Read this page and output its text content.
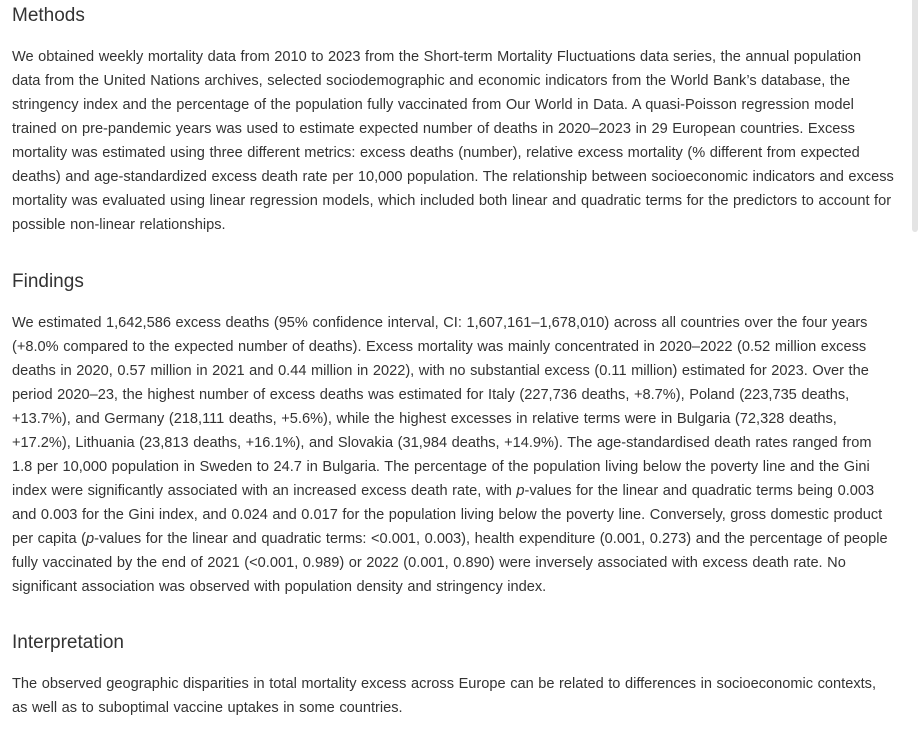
Methods

We obtained weekly mortality data from 2010 to 2023 from the Short-term Mortality Fluctuations data series, the annual population data from the United Nations archives, selected sociodemographic and economic indicators from the World Bank’s database, the stringency index and the percentage of the population fully vaccinated from Our World in Data. A quasi-Poisson regression model trained on pre-pandemic years was used to estimate expected number of deaths in 2020–2023 in 29 European countries. Excess mortality was estimated using three different metrics: excess deaths (number), relative excess mortality (% different from expected deaths) and age-standardized excess death rate per 10,000 population. The relationship between socioeconomic indicators and excess mortality was evaluated using linear regression models, which included both linear and quadratic terms for the predictors to account for possible non-linear relationships.

Findings

We estimated 1,642,586 excess deaths (95% confidence interval, CI: 1,607,161–1,678,010) across all countries over the four years (+8.0% compared to the expected number of deaths). Excess mortality was mainly concentrated in 2020–2022 (0.52 million excess deaths in 2020, 0.57 million in 2021 and 0.44 million in 2022), with no substantial excess (0.11 million) estimated for 2023. Over the period 2020–23, the highest number of excess deaths was estimated for Italy (227,736 deaths, +8.7%), Poland (223,735 deaths, +13.7%), and Germany (218,111 deaths, +5.6%), while the highest excesses in relative terms were in Bulgaria (72,328 deaths, +17.2%), Lithuania (23,813 deaths, +16.1%), and Slovakia (31,984 deaths, +14.9%). The age-standardised death rates ranged from 1.8 per 10,000 population in Sweden to 24.7 in Bulgaria. The percentage of the population living below the poverty line and the Gini index were significantly associated with an increased excess death rate, with p-values for the linear and quadratic terms being 0.003 and 0.003 for the Gini index, and 0.024 and 0.017 for the population living below the poverty line. Conversely, gross domestic product per capita (p-values for the linear and quadratic terms: <0.001, 0.003), health expenditure (0.001, 0.273) and the percentage of people fully vaccinated by the end of 2021 (<0.001, 0.989) or 2022 (0.001, 0.890) were inversely associated with excess death rate. No significant association was observed with population density and stringency index.

Interpretation

The observed geographic disparities in total mortality excess across Europe can be related to differences in socioeconomic contexts, as well as to suboptimal vaccine uptakes in some countries.
